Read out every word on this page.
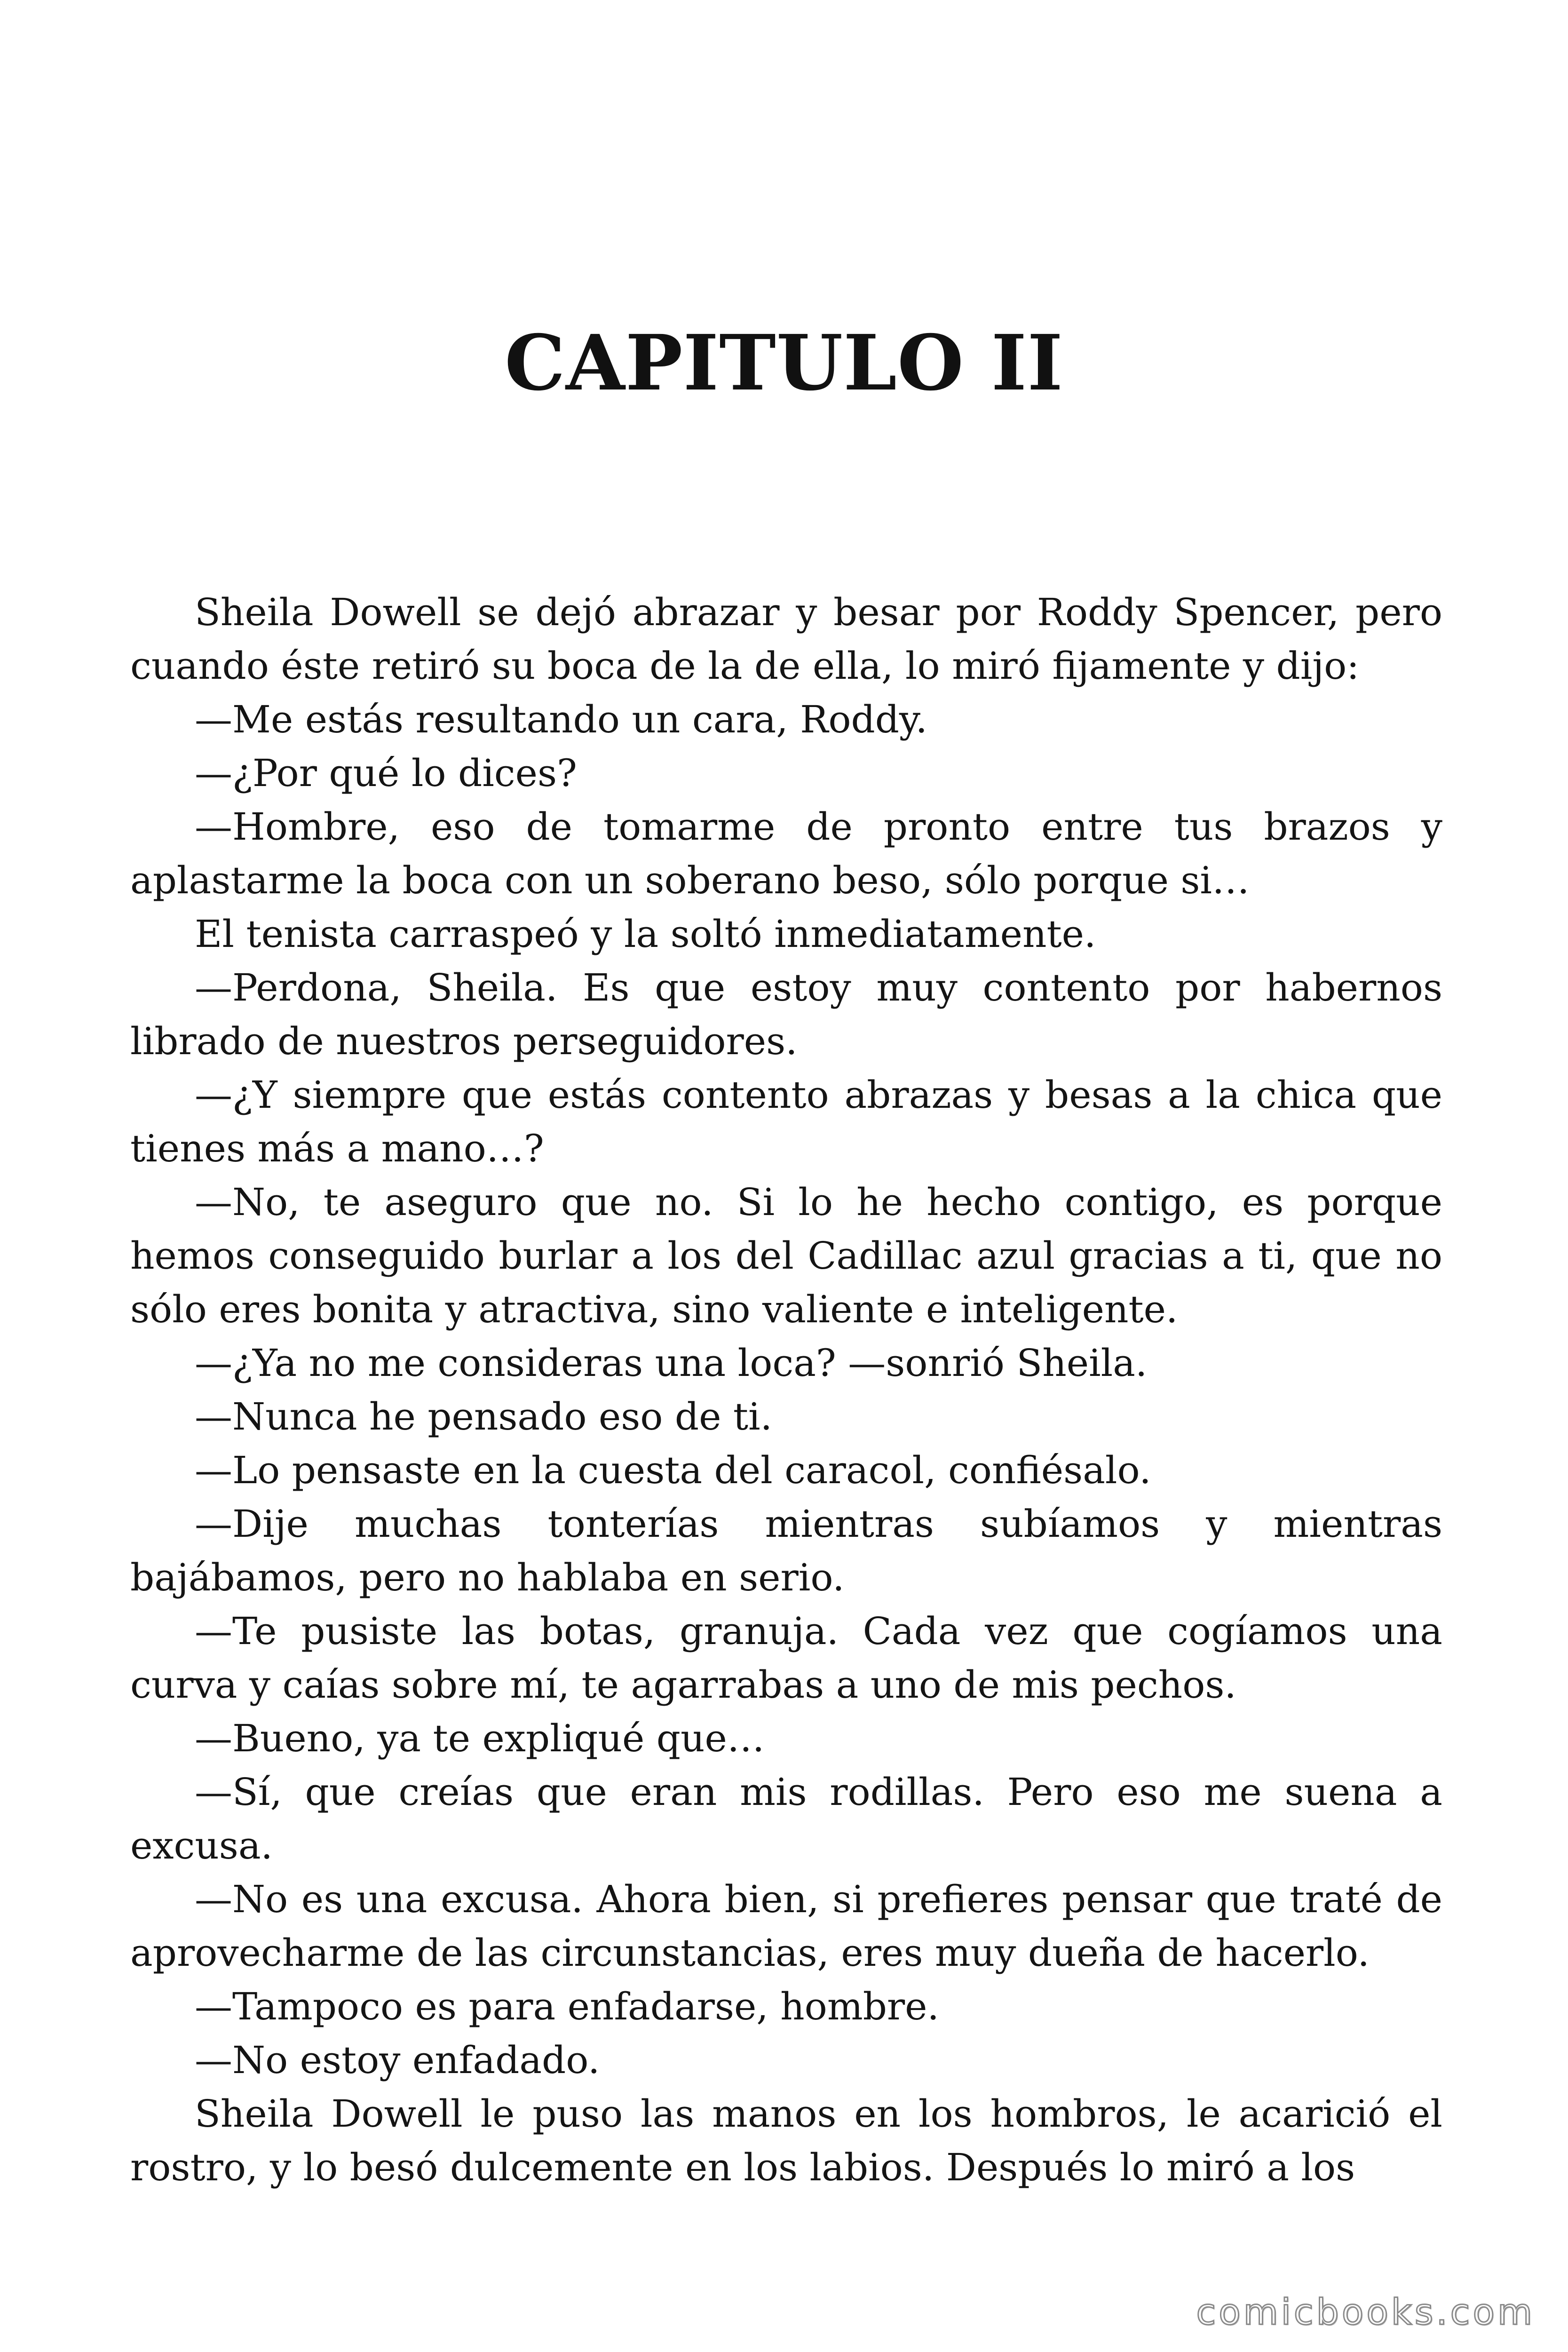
CAPITULO II

Sheila Dowell se dejó abrazar y besar por Roddy Spencer, pero cuando éste retiró su boca de la de ella, lo miró fijamente y dijo:

—Me estás resultando un cara, Roddy.

—¿Por qué lo dices?

—Hombre, eso de tomarme de pronto entre tus brazos y aplastarme la boca con un soberano beso, sólo porque si…

El tenista carraspeó y la soltó inmediatamente.

—Perdona, Sheila. Es que estoy muy contento por habernos librado de nuestros perseguidores.

—¿Y siempre que estás contento abrazas y besas a la chica que tienes más a mano…?

—No, te aseguro que no. Si lo he hecho contigo, es porque hemos conseguido burlar a los del Cadillac azul gracias a ti, que no sólo eres bonita y atractiva, sino valiente e inteligente.

—¿Ya no me consideras una loca? —sonrió Sheila.

—Nunca he pensado eso de ti.

—Lo pensaste en la cuesta del caracol, confiésalo.

—Dije muchas tonterías mientras subíamos y mientras bajábamos, pero no hablaba en serio.

—Te pusiste las botas, granuja. Cada vez que cogíamos una curva y caías sobre mí, te agarrabas a uno de mis pechos.

—Bueno, ya te expliqué que…

—Sí, que creías que eran mis rodillas. Pero eso me suena a excusa.

—No es una excusa. Ahora bien, si prefieres pensar que traté de aprovecharme de las circunstancias, eres muy dueña de hacerlo.

—Tampoco es para enfadarse, hombre.

—No estoy enfadado.

Sheila Dowell le puso las manos en los hombros, le acarició el rostro, y lo besó dulcemente en los labios. Después lo miró a los

comicbooks.com
